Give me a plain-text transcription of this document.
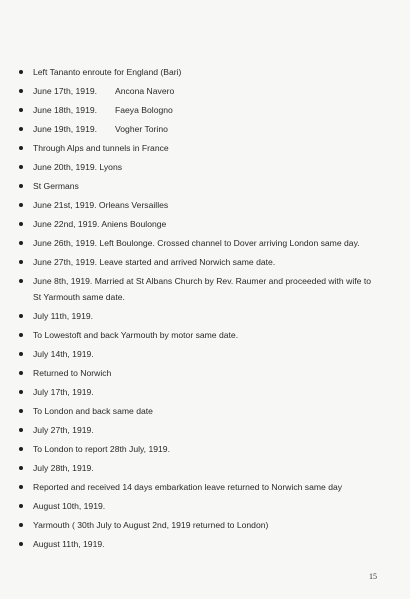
Left Tananto enroute for England (Bari)
June 17th, 1919. Ancona Navero
June 18th, 1919. Faeya Bologno
June 19th, 1919. Vogher Torino
Through Alps and tunnels in France
June 20th, 1919. Lyons
St Germans
June 21st, 1919. Orleans Versailles
June 22nd, 1919. Aniens Boulonge
June 26th, 1919. Left Boulonge. Crossed channel to Dover arriving London same day.
June 27th, 1919. Leave started and arrived Norwich same date.
June 8th, 1919. Married at St Albans Church by Rev. Raumer and proceeded with wife to St Yarmouth same date.
July 11th, 1919.
To Lowestoft and back Yarmouth by motor same date.
July 14th, 1919.
Returned to Norwich
July 17th, 1919.
To London and back same date
July 27th, 1919.
To London to report 28th July, 1919.
July 28th, 1919.
Reported and received 14 days embarkation leave returned to Norwich same day
August 10th, 1919.
Yarmouth ( 30th July to August 2nd, 1919 returned to London)
August 11th, 1919.
15
